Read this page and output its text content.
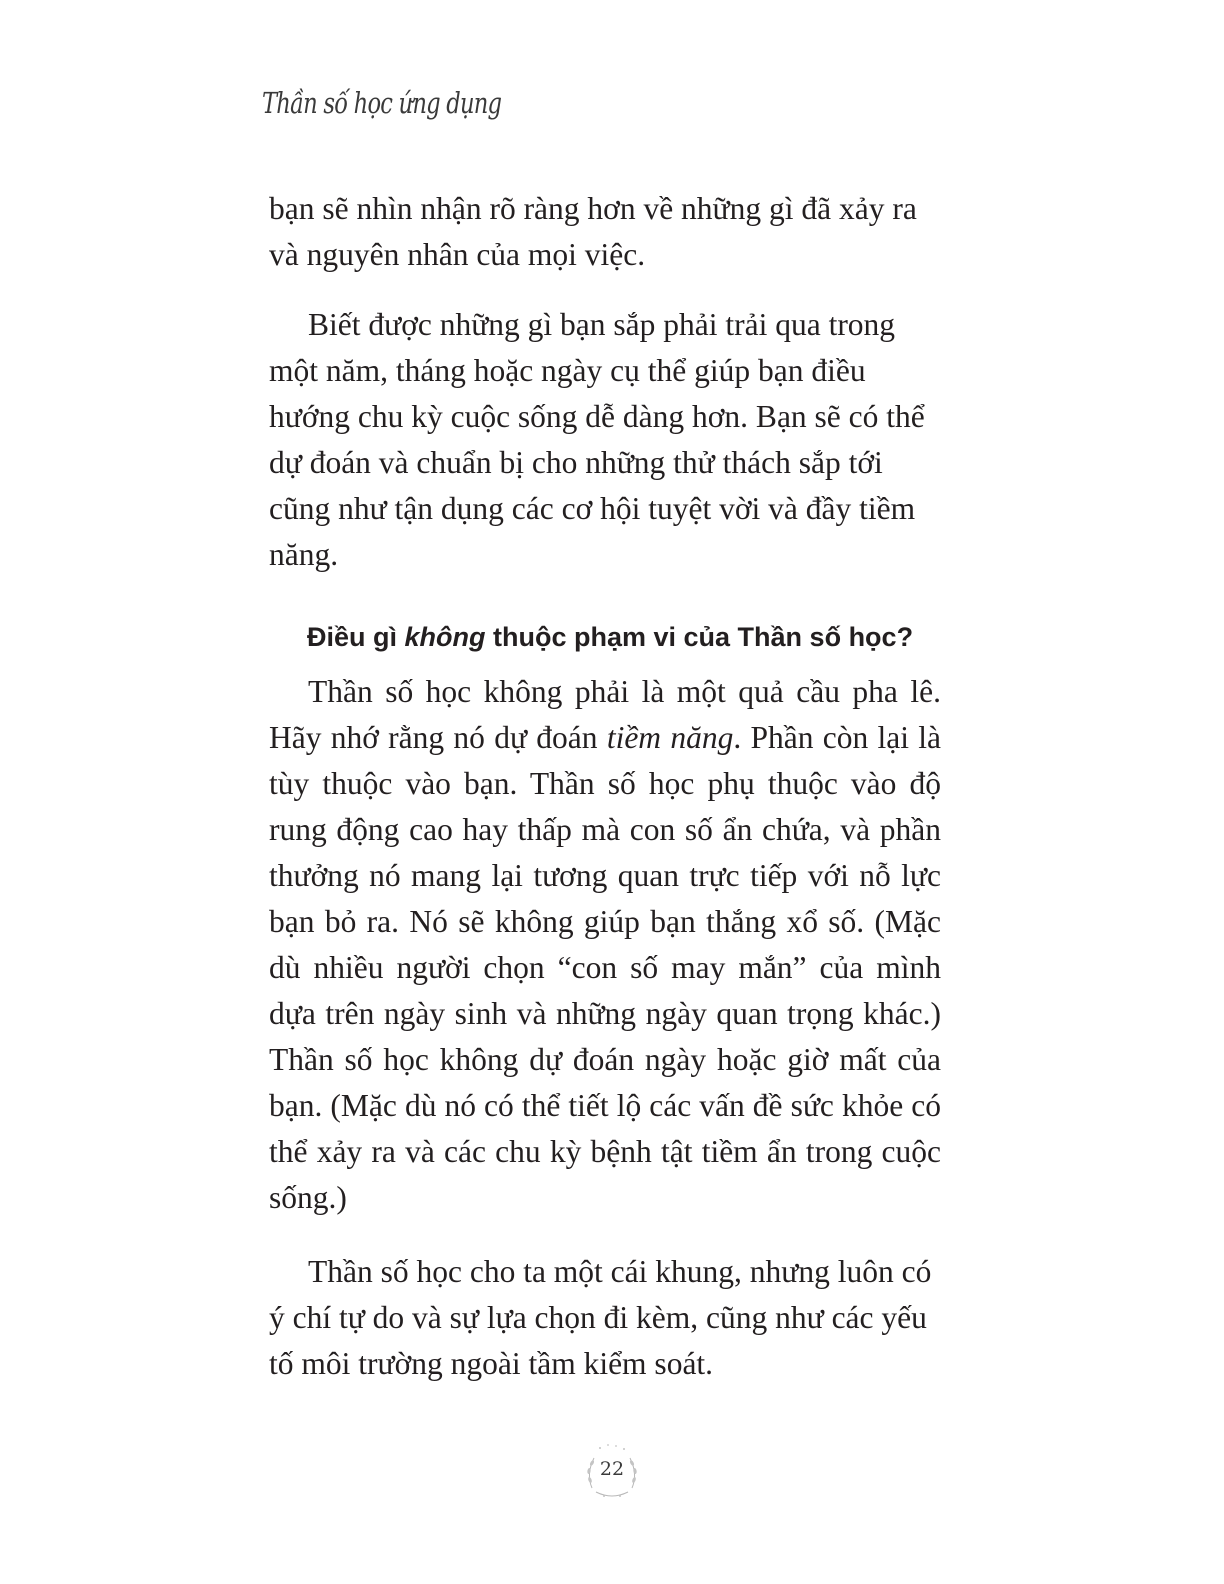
Thần số học ứng dụng

bạn sẽ nhìn nhận rõ ràng hơn về những gì đã xảy ra và nguyên nhân của mọi việc.

Biết được những gì bạn sắp phải trải qua trong một năm, tháng hoặc ngày cụ thể giúp bạn điều hướng chu kỳ cuộc sống dễ dàng hơn. Bạn sẽ có thể dự đoán và chuẩn bị cho những thử thách sắp tới cũng như tận dụng các cơ hội tuyệt vời và đầy tiềm năng.

Điều gì không thuộc phạm vi của Thần số học?

Thần số học không phải là một quả cầu pha lê. Hãy nhớ rằng nó dự đoán tiềm năng. Phần còn lại là tùy thuộc vào bạn. Thần số học phụ thuộc vào độ rung động cao hay thấp mà con số ẩn chứa, và phần thưởng nó mang lại tương quan trực tiếp với nỗ lực bạn bỏ ra. Nó sẽ không giúp bạn thắng xổ số. (Mặc dù nhiều người chọn “con số may mắn” của mình dựa trên ngày sinh và những ngày quan trọng khác.) Thần số học không dự đoán ngày hoặc giờ mất của bạn. (Mặc dù nó có thể tiết lộ các vấn đề sức khỏe có thể xảy ra và các chu kỳ bệnh tật tiềm ẩn trong cuộc sống.)

Thần số học cho ta một cái khung, nhưng luôn có ý chí tự do và sự lựa chọn đi kèm, cũng như các yếu tố môi trường ngoài tầm kiểm soát.

22
